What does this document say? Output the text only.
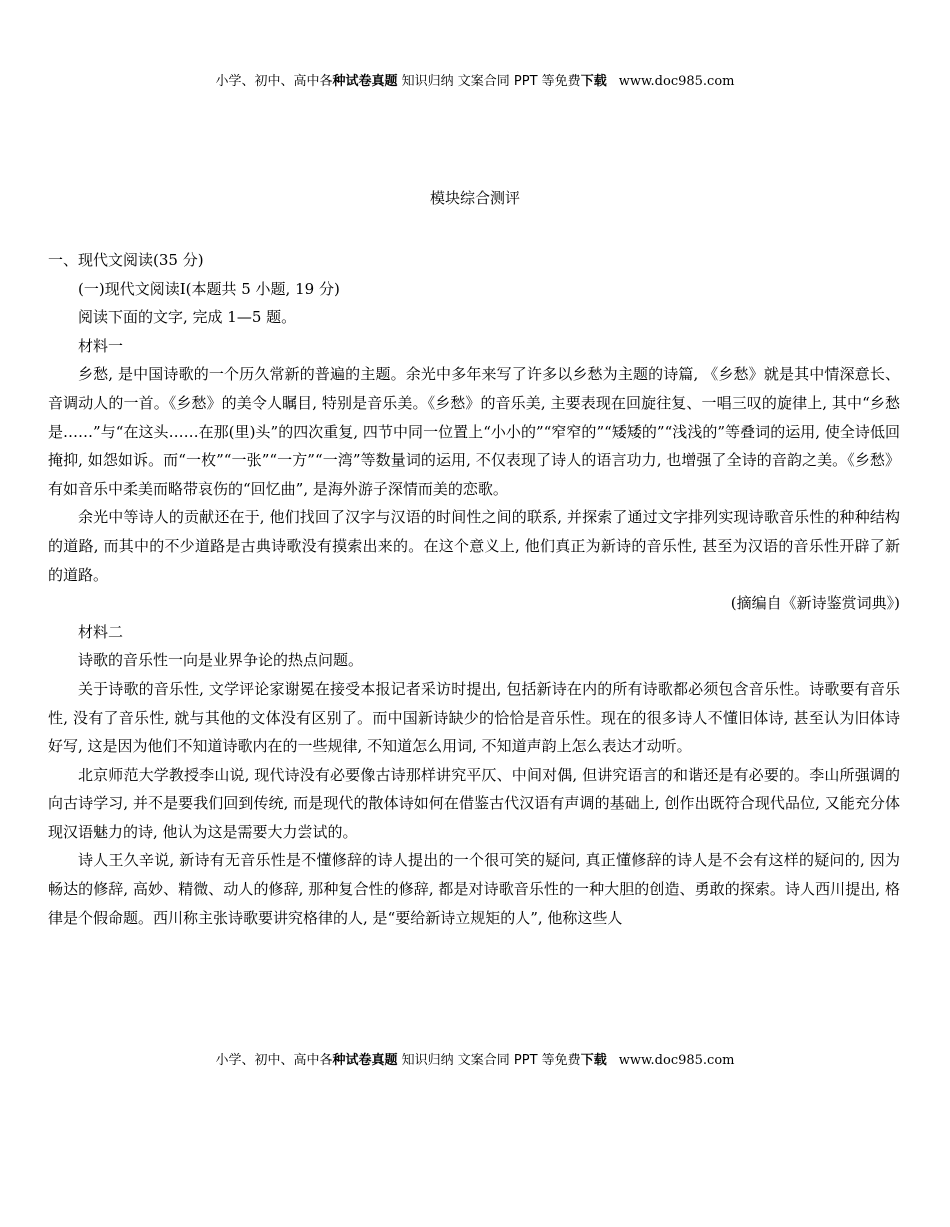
小学、初中、高中各种试卷真题 知识归纳 文案合同 PPT 等免费下载 www.doc985.com
模块综合测评

一、现代文阅读(35 分)

(一)现代文阅读Ⅰ(本题共 5 小题, 19 分)

阅读下面的文字, 完成 1—5 题。

材料一

乡愁, 是中国诗歌的一个历久常新的普遍的主题。余光中多年来写了许多以乡愁为主题的诗篇, 《乡愁》就是其中情深意长、音调动人的一首。《乡愁》的美令人瞩目, 特别是音乐美。《乡愁》的音乐美, 主要表现在回旋往复、一唱三叹的旋律上, 其中“乡愁是……”与“在这头……在那(里)头”的四次重复, 四节中同一位置上“小小的”“窄窄的”“矮矮的”“浅浅的”等叠词的运用, 使全诗低回掩抑, 如怨如诉。而“一枚”“一张”“一方”“一湾”等数量词的运用, 不仅表现了诗人的语言功力, 也增强了全诗的音韵之美。《乡愁》有如音乐中柔美而略带哀伤的“回忆曲”, 是海外游子深情而美的恋歌。

余光中等诗人的贡献还在于, 他们找回了汉字与汉语的时间性之间的联系, 并探索了通过文字排列实现诗歌音乐性的种种结构的道路, 而其中的不少道路是古典诗歌没有摸索出来的。在这个意义上, 他们真正为新诗的音乐性, 甚至为汉语的音乐性开辟了新的道路。

(摘编自《新诗鉴赏词典》)

材料二

诗歌的音乐性一向是业界争论的热点问题。

关于诗歌的音乐性, 文学评论家谢冕在接受本报记者采访时提出, 包括新诗在内的所有诗歌都必须包含音乐性。诗歌要有音乐性, 没有了音乐性, 就与其他的文体没有区别了。而中国新诗缺少的恰恰是音乐性。现在的很多诗人不懂旧体诗, 甚至认为旧体诗好写, 这是因为他们不知道诗歌内在的一些规律, 不知道怎么用词, 不知道声韵上怎么表达才动听。

北京师范大学教授李山说, 现代诗没有必要像古诗那样讲究平仄、中间对偶, 但讲究语言的和谐还是有必要的。李山所强调的向古诗学习, 并不是要我们回到传统, 而是现代的散体诗如何在借鉴古代汉语有声调的基础上, 创作出既符合现代品位, 又能充分体现汉语魅力的诗, 他认为这是需要大力尝试的。

诗人王久辛说, 新诗有无音乐性是不懂修辞的诗人提出的一个很可笑的疑问, 真正懂修辞的诗人是不会有这样的疑问的, 因为畅达的修辞, 高妙、精微、动人的修辞, 那种复合性的修辞, 都是对诗歌音乐性的一种大胆的创造、勇敢的探索。诗人西川提出, 格律是个假命题。西川称主张诗歌要讲究格律的人, 是“要给新诗立规矩的人”, 他称这些人

小学、初中、高中各种试卷真题 知识归纳 文案合同 PPT 等免费下载 www.doc985.com
